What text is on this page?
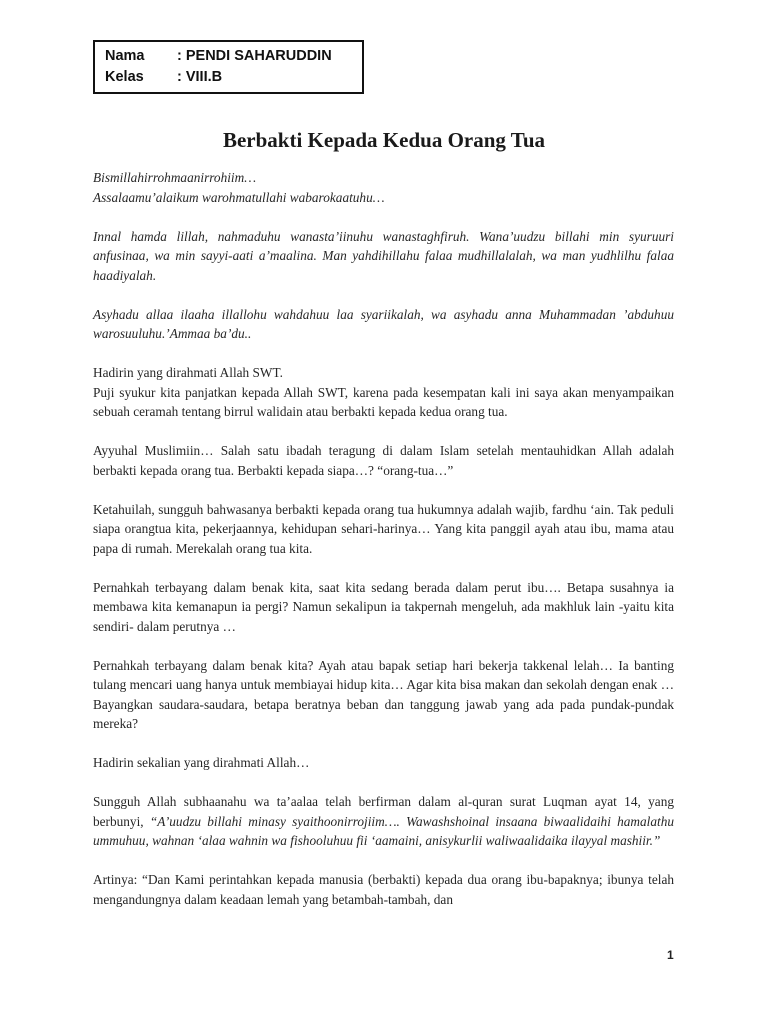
Nama : PENDI SAHARUDDIN
Kelas : VIII.B
Berbakti Kepada Kedua Orang Tua

Bismillahirrohmaanirrohiim…

Assalaamu’alaikum warohmatullahi wabarokaatuhu…

Innal hamda lillah, nahmaduhu wanasta’iinuhu wanastaghfiruh. Wana’uudzu billahi min syuruuri anfusinaa, wa min sayyi-aati a’maalina. Man yahdihillahu falaa mudhillalalah, wa man yudhlilhu falaa haadiyalah.

Asyhadu allaa ilaaha illallohu wahdahuu laa syariikalah, wa asyhadu anna Muhammadan ’abduhuu warosuuluhu.’Ammaa ba’du..

Hadirin yang dirahmati Allah SWT.

Puji syukur kita panjatkan kepada Allah SWT, karena pada kesempatan kali ini saya akan menyampaikan sebuah ceramah tentang birrul walidain atau berbakti kepada kedua orang tua.

Ayyuhal Muslimiin… Salah satu ibadah teragung di dalam Islam setelah mentauhidkan Allah adalah berbakti kepada orang tua. Berbakti kepada siapa…? “orang-tua…”

Ketahuilah, sungguh bahwasanya berbakti kepada orang tua hukumnya adalah wajib, fardhu ‘ain. Tak peduli siapa orangtua kita, pekerjaannya, kehidupan sehari-harinya… Yang kita panggil ayah atau ibu, mama atau papa di rumah. Merekalah orang tua kita.

Pernahkah terbayang dalam benak kita, saat kita sedang berada dalam perut ibu…. Betapa susahnya ia membawa kita kemanapun ia pergi? Namun sekalipun ia takpernah mengeluh, ada makhluk lain -yaitu kita sendiri- dalam perutnya …

Pernahkah terbayang dalam benak kita? Ayah atau bapak setiap hari bekerja takkenal lelah… Ia banting tulang mencari uang hanya untuk membiayai hidup kita… Agar kita bisa makan dan sekolah dengan enak … Bayangkan saudara-saudara, betapa beratnya beban dan tanggung jawab yang ada pada pundak-pundak mereka?

Hadirin sekalian yang dirahmati Allah…

Sungguh Allah subhaanahu wa ta’aalaa telah berfirman dalam al-quran surat Luqman ayat 14, yang berbunyi, “A’uudzu billahi minasy syaithoonirrojiim…. Wawashshoinal insaana biwaalidaihi hamalathu ummuhuu, wahnan ‘alaa wahnin wa fishooluhuu fii ‘aamaini, anisykurlii waliwaalidaika ilayyal mashiir.”

Artinya: “Dan Kami perintahkan kepada manusia (berbakti) kepada dua orang ibu-bapaknya; ibunya telah mengandungnya dalam keadaan lemah yang betambah-tambah, dan

1
